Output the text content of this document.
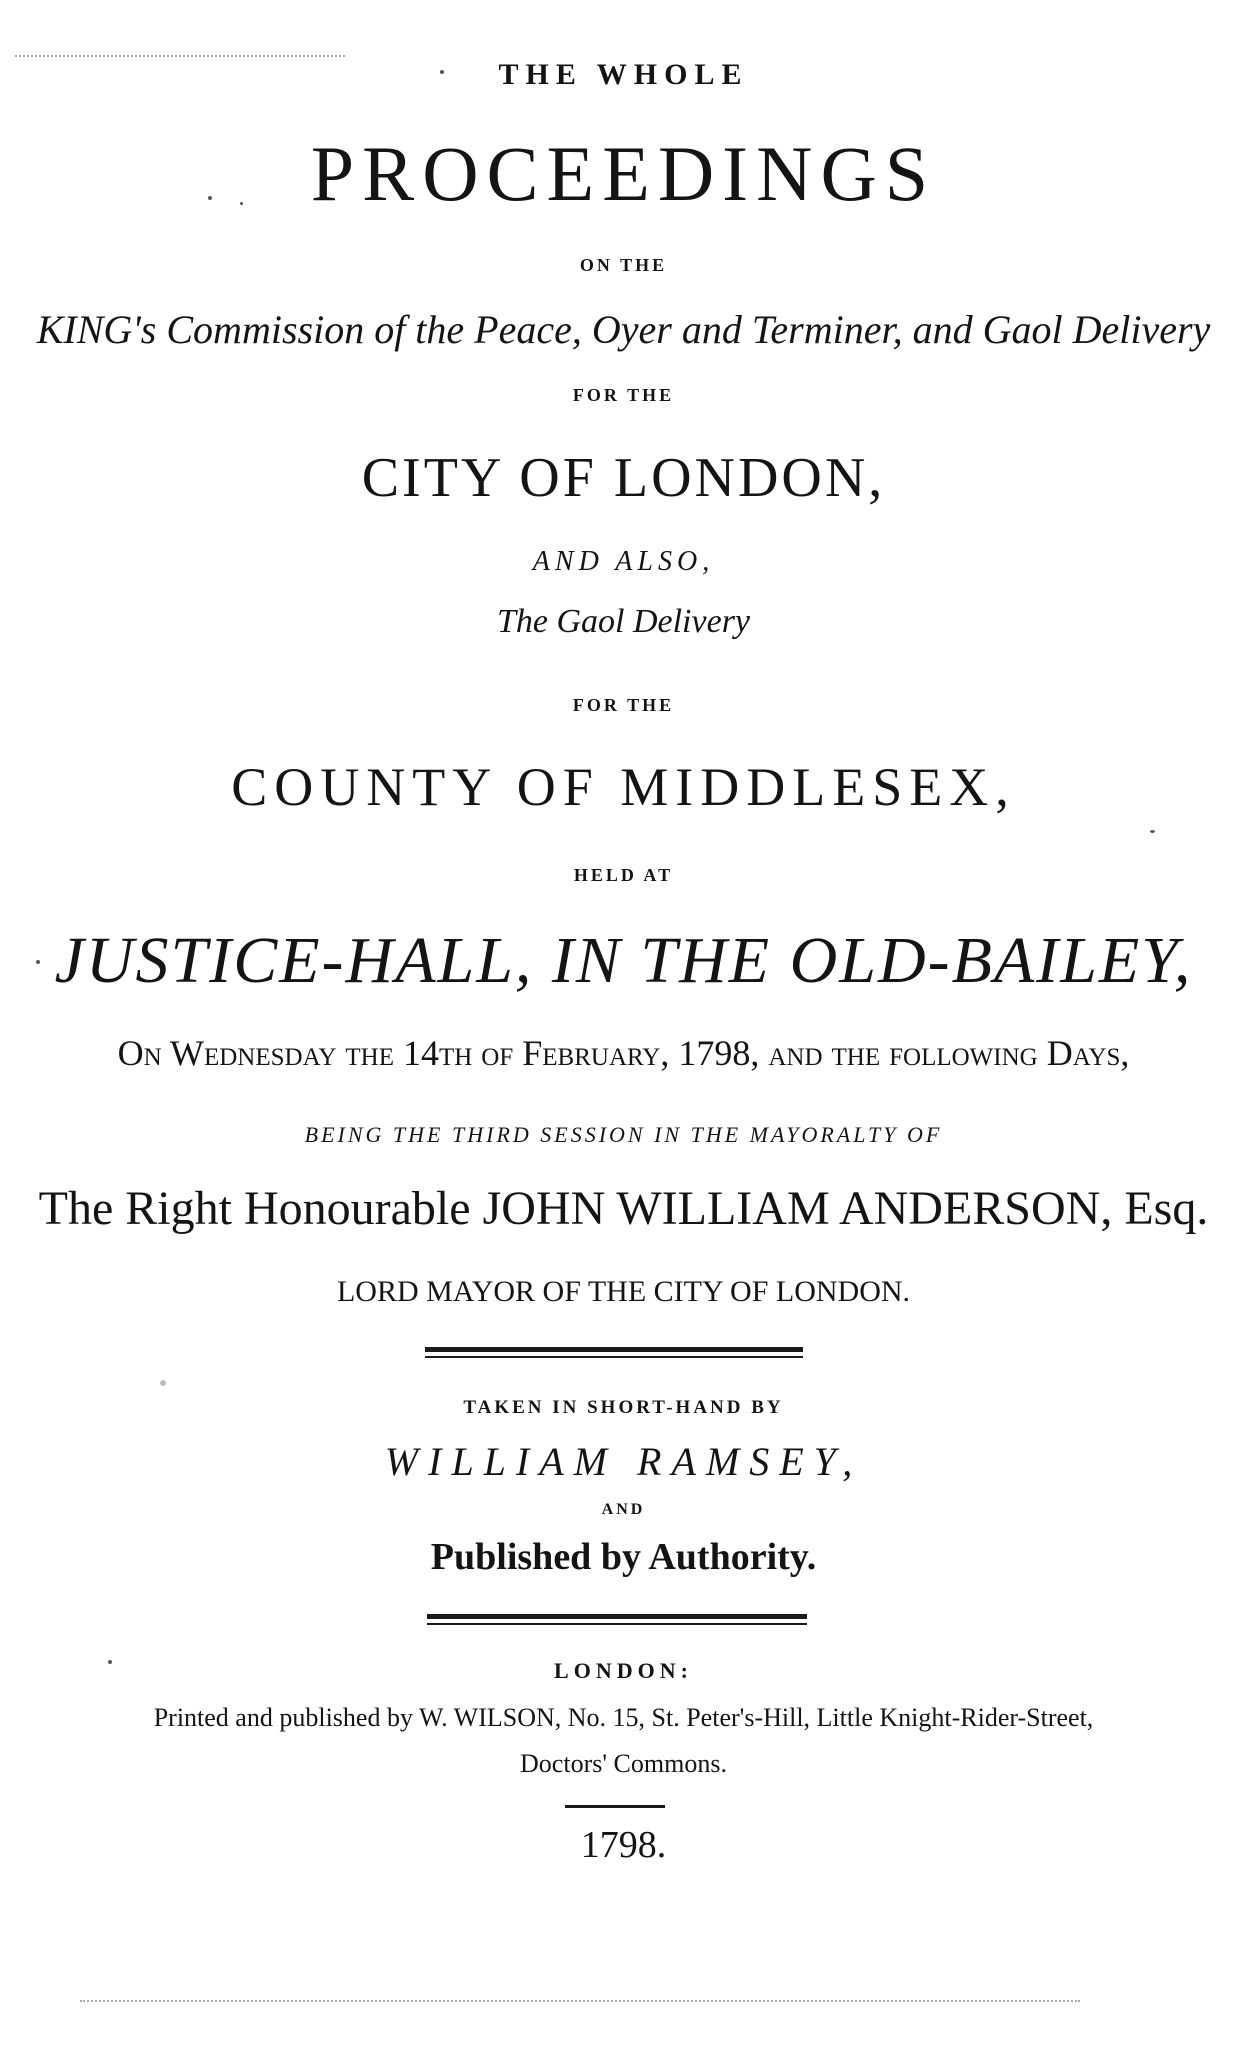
THE WHOLE
PROCEEDINGS
ON THE
KING's Commission of the Peace, Oyer and Terminer, and Gaol Delivery
FOR THE
CITY OF LONDON,
AND ALSO,
The Gaol Delivery
FOR THE
COUNTY OF MIDDLESEX,
HELD AT
JUSTICE-HALL, IN THE OLD-BAILEY,
On Wednesday the 14th of February, 1798, and the following Days,
BEING THE THIRD SESSION IN THE MAYORALTY OF
The Right Honourable JOHN WILLIAM ANDERSON, Esq.
LORD MAYOR OF THE CITY OF LONDON.
TAKEN IN SHORT-HAND BY
WILLIAM RAMSEY,
AND
Published by Authority.
LONDON:
Printed and published by W. WILSON, No. 15, St. Peter's-Hill, Little Knight-Rider-Street,
Doctors' Commons.
1798.
